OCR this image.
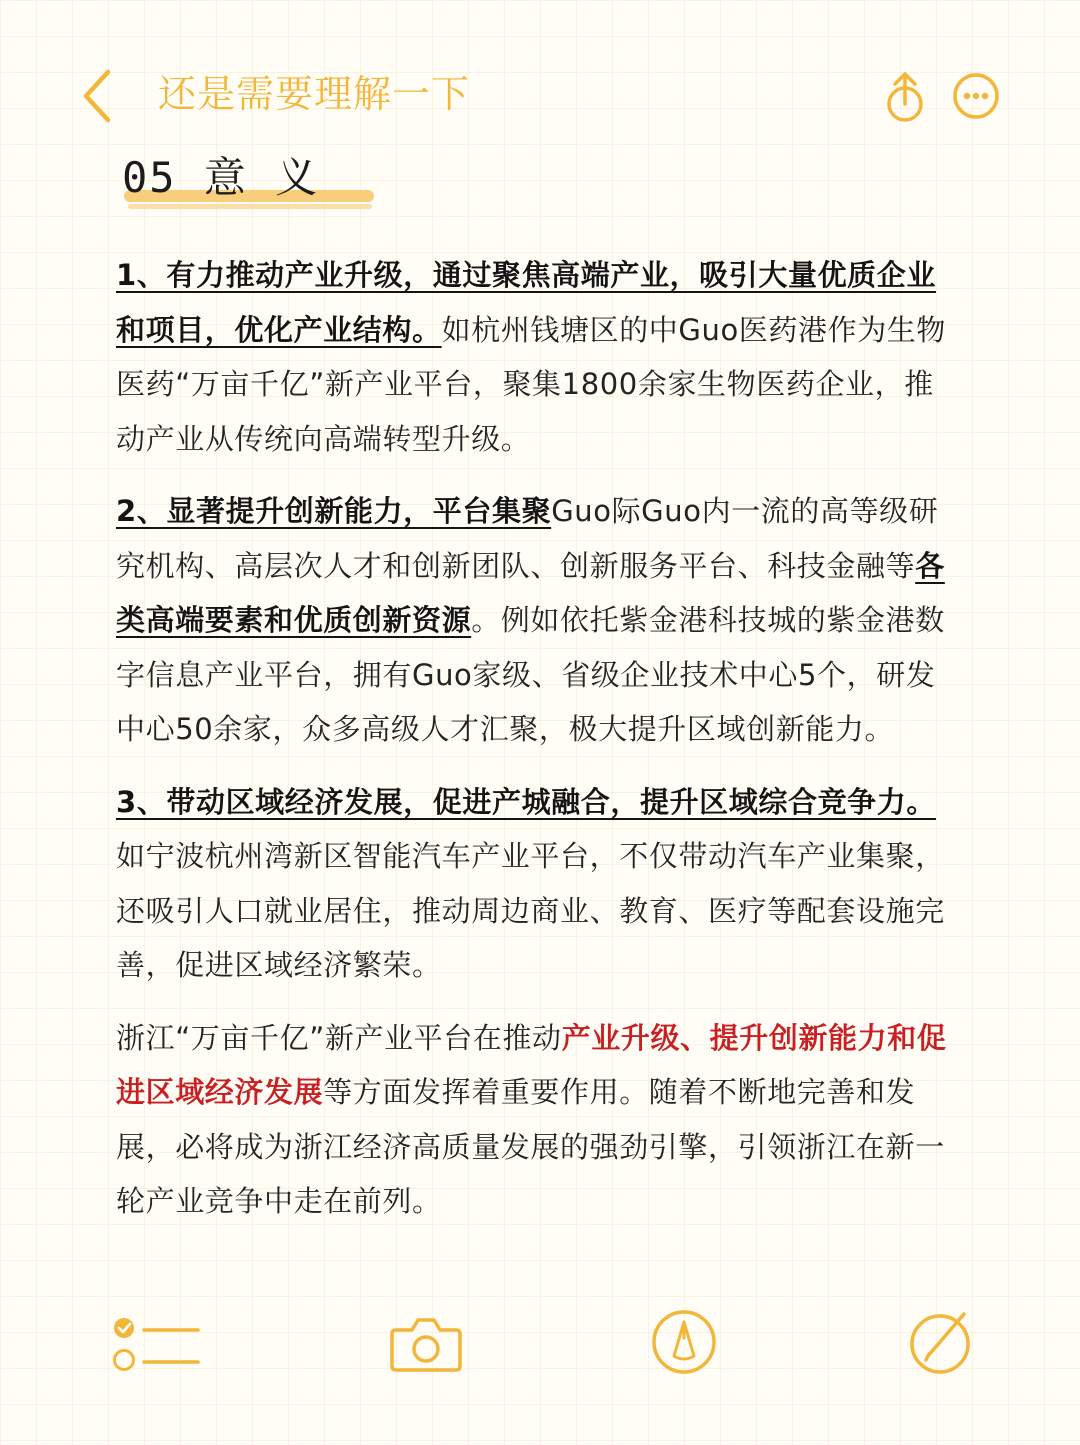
还是需要理解一下
05 意 义

1、有力推动产业升级，通过聚焦高端产业，吸引大量优质企业和项目，优化产业结构。如杭州钱塘区的中Guo医药港作为生物医药“万亩千亿”新产业平台，聚集1800余家生物医药企业，推动产业从传统向高端转型升级。

2、显著提升创新能力，平台集聚Guo际Guo内一流的高等级研究机构、高层次人才和创新团队、创新服务平台、科技金融等各类高端要素和优质创新资源。例如依托紫金港科技城的紫金港数字信息产业平台，拥有Guo家级、省级企业技术中心5个，研发中心50余家，众多高级人才汇聚，极大提升区域创新能力。

3、带动区域经济发展，促进产城融合，提升区域综合竞争力。如宁波杭州湾新区智能汽车产业平台，不仅带动汽车产业集聚，还吸引人口就业居住，推动周边商业、教育、医疗等配套设施完善，促进区域经济繁荣。

浙江“万亩千亿”新产业平台在推动产业升级、提升创新能力和促进区域经济发展等方面发挥着重要作用。随着不断地完善和发展，必将成为浙江经济高质量发展的强劲引擎，引领浙江在新一轮产业竞争中走在前列。
